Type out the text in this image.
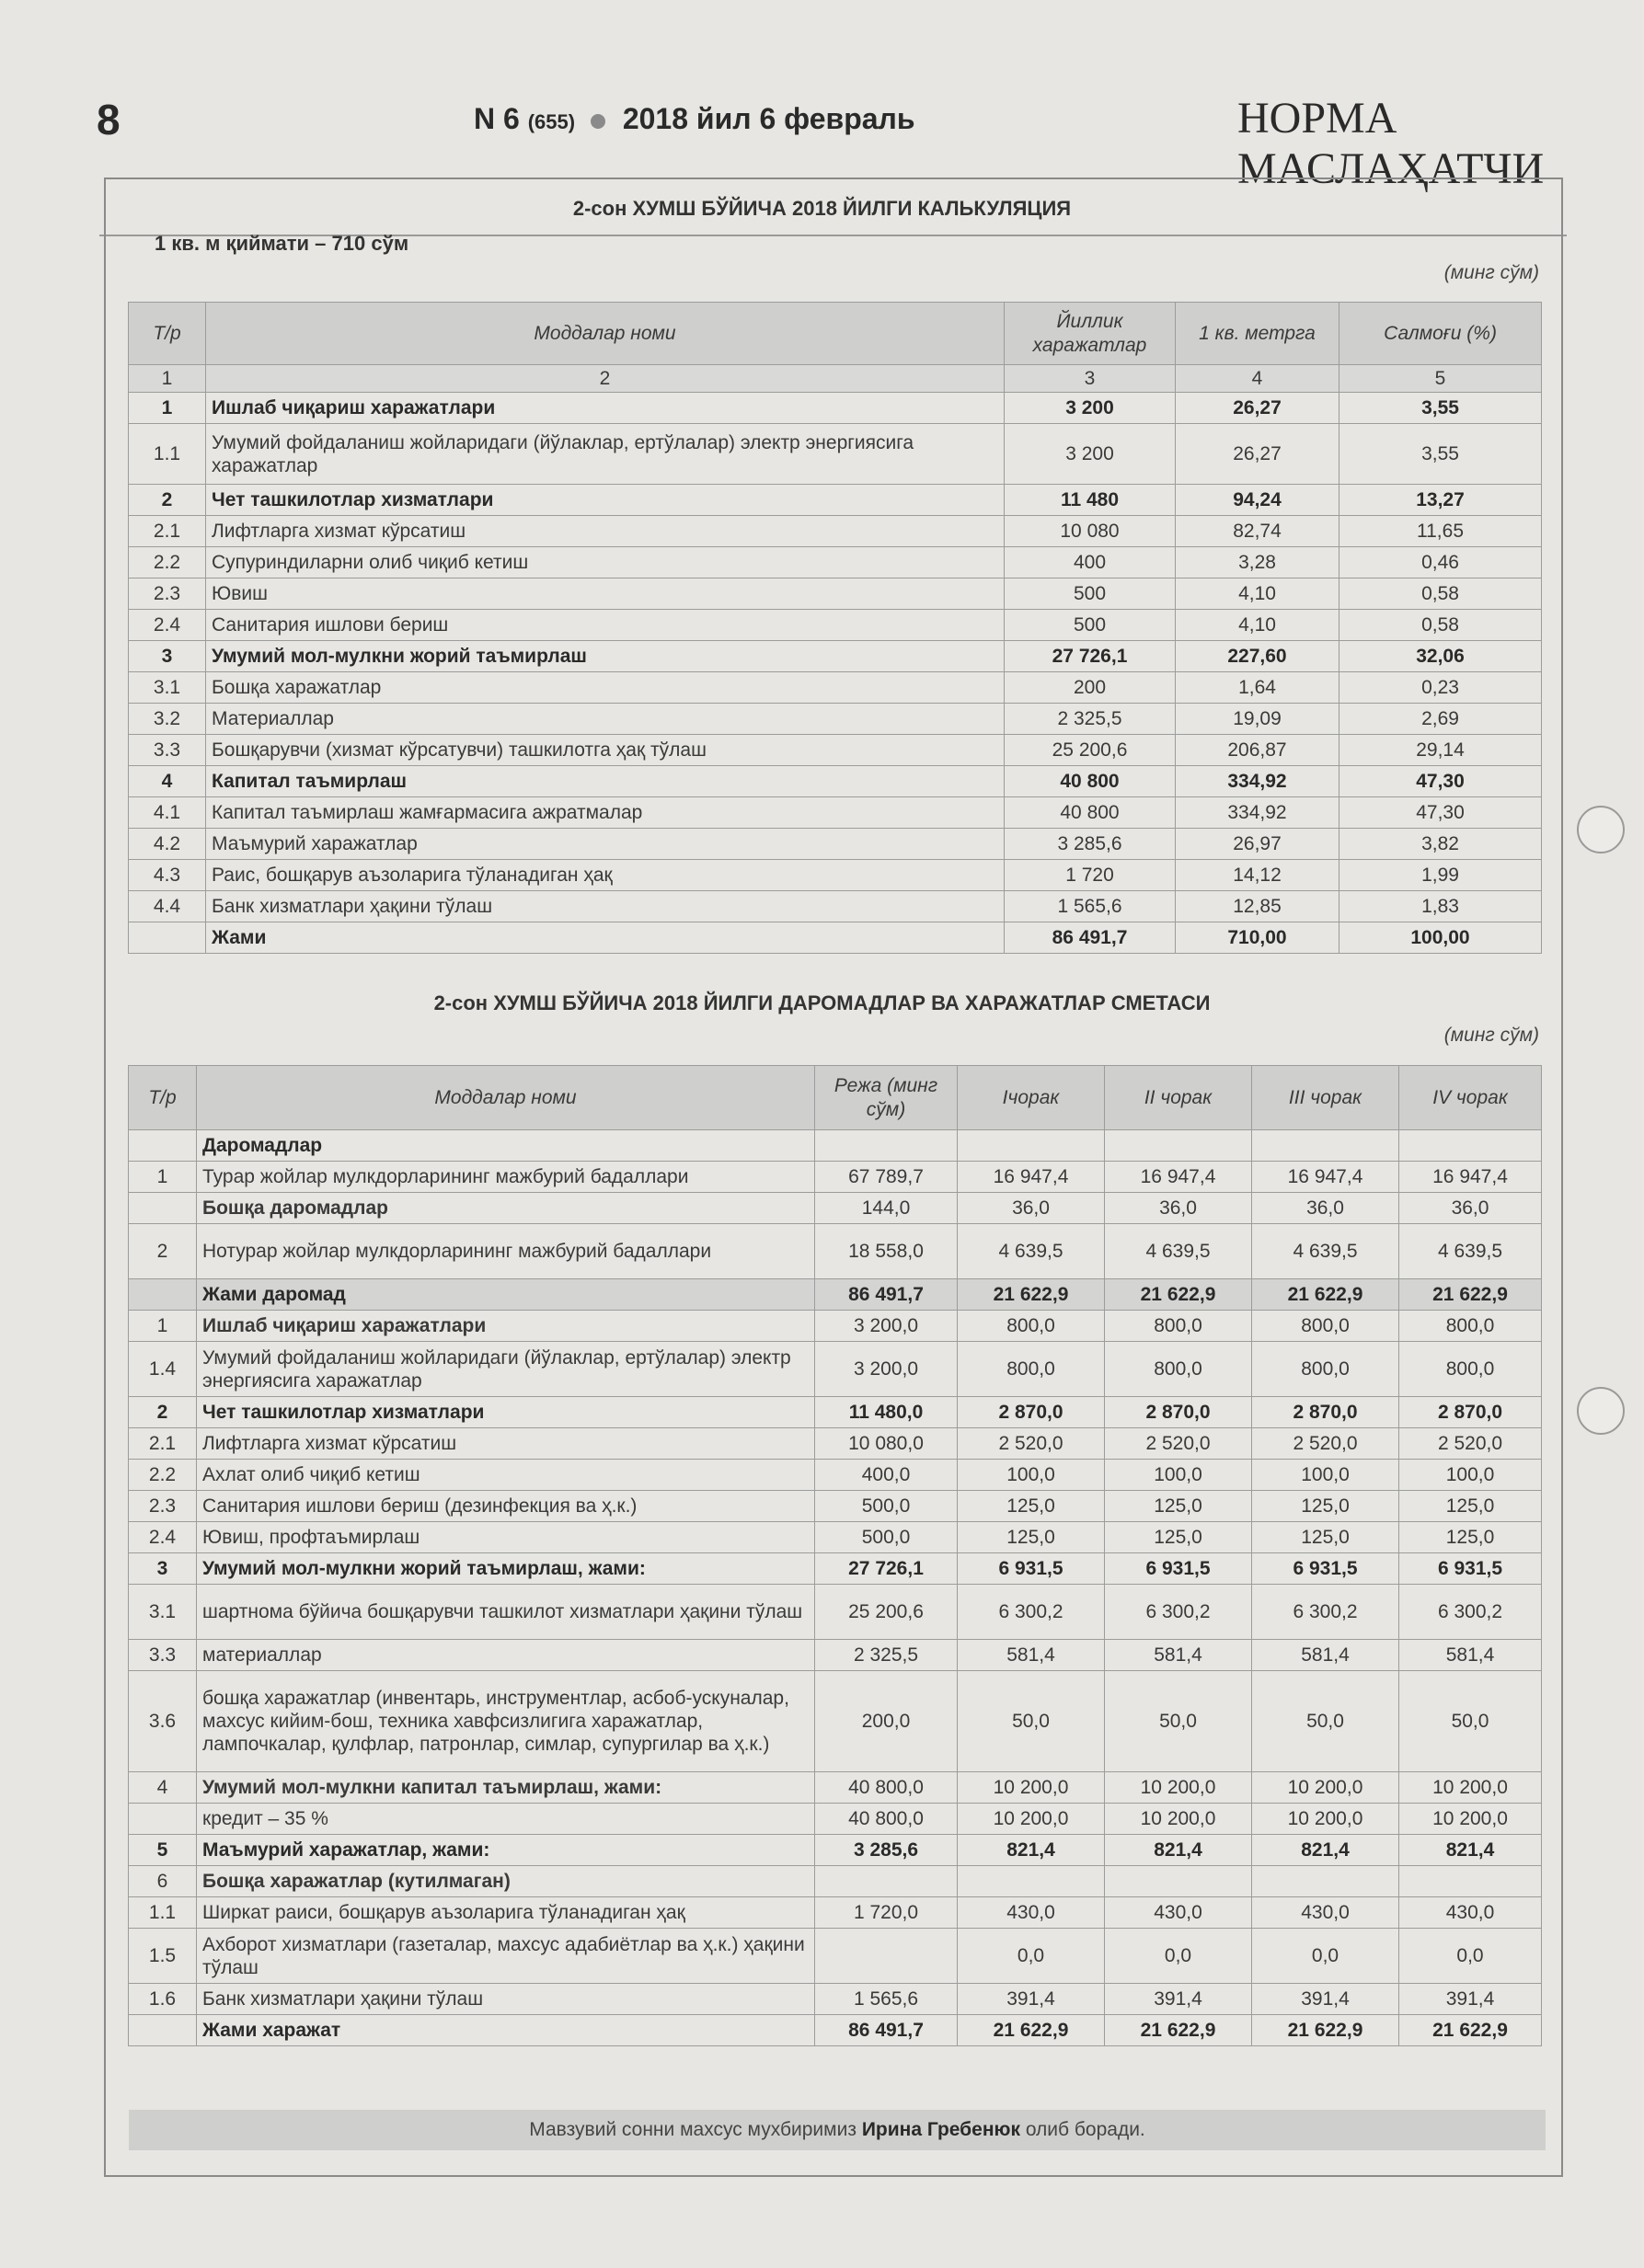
8	N 6 (655) 2018 йил 6 февраль	НОРМА МАСЛАҲАТЧИ
2-сон ХУМШ БЎЙИЧА 2018 ЙИЛГИ КАЛЬКУЛЯЦИЯ
1 кв. м қиймати – 710 сўм
(минг сўм)
Т/р	Моддалар номи	Йиллик харажатлар	1 кв. метрга	Салмоғи (%)
1	2	3	4	5
1	Ишлаб чиқариш харажатлари	3 200	26,27	3,55
1.1	Умумий фойдаланиш жойларидаги (йўлаклар, ертўлалар) электр энергиясига харажатлар	3 200	26,27	3,55
2	Чет ташкилотлар хизматлари	11 480	94,24	13,27
2.1	Лифтларга хизмат кўрсатиш	10 080	82,74	11,65
2.2	Супуриндиларни олиб чиқиб кетиш	400	3,28	0,46
2.3	Ювиш	500	4,10	0,58
2.4	Санитария ишлови бериш	500	4,10	0,58
3	Умумий мол-мулкни жорий таъмирлаш	27 726,1	227,60	32,06
3.1	Бошқа харажатлар	200	1,64	0,23
3.2	Материаллар	2 325,5	19,09	2,69
3.3	Бошқарувчи (хизмат кўрсатувчи) ташкилотга ҳақ тўлаш	25 200,6	206,87	29,14
4	Капитал таъмирлаш	40 800	334,92	47,30
4.1	Капитал таъмирлаш жамғармасига ажратмалар	40 800	334,92	47,30
4.2	Маъмурий харажатлар	3 285,6	26,97	3,82
4.3	Раис, бошқарув аъзоларига тўланадиган ҳақ	1 720	14,12	1,99
4.4	Банк хизматлари ҳақини тўлаш	1 565,6	12,85	1,83
	Жами	86 491,7	710,00	100,00
2-сон ХУМШ БЎЙИЧА 2018 ЙИЛГИ ДАРОМАДЛАР ВА ХАРАЖАТЛАР СМЕТАСИ
(минг сўм)
Т/р	Моддалар номи	Режа (минг сўм)	Iчорак	II чорак	III чорак	IV чорак
	Даромадлар					
1	Турар жойлар мулкдорларининг мажбурий бадаллари	67 789,7	16 947,4	16 947,4	16 947,4	16 947,4
	Бошқа даромадлар	144,0	36,0	36,0	36,0	36,0
2	Нотурар жойлар мулкдорларининг мажбурий бадаллари	18 558,0	4 639,5	4 639,5	4 639,5	4 639,5
	Жами даромад	86 491,7	21 622,9	21 622,9	21 622,9	21 622,9
1	Ишлаб чиқариш харажатлари	3 200,0	800,0	800,0	800,0	800,0
1.4	Умумий фойдаланиш жойларидаги (йўлаклар, ертўлалар) электр энергиясига харажатлар	3 200,0	800,0	800,0	800,0	800,0
2	Чет ташкилотлар хизматлари	11 480,0	2 870,0	2 870,0	2 870,0	2 870,0
2.1	Лифтларга хизмат кўрсатиш	10 080,0	2 520,0	2 520,0	2 520,0	2 520,0
2.2	Ахлат олиб чиқиб кетиш	400,0	100,0	100,0	100,0	100,0
2.3	Санитария ишлови бериш (дезинфекция ва ҳ.к.)	500,0	125,0	125,0	125,0	125,0
2.4	Ювиш, профтаъмирлаш	500,0	125,0	125,0	125,0	125,0
3	Умумий мол-мулкни жорий таъмирлаш, жами:	27 726,1	6 931,5	6 931,5	6 931,5	6 931,5
3.1	шартнома бўйича бошқарувчи ташкилот хизматлари ҳақини тўлаш	25 200,6	6 300,2	6 300,2	6 300,2	6 300,2
3.3	материаллар	2 325,5	581,4	581,4	581,4	581,4
3.6	бошқа харажатлар (инвентарь, инструментлар, асбоб-ускуналар, махсус кийим-бош, техника хавфсизлигига харажатлар, лампочкалар, қулфлар, патронлар, симлар, супургилар ва ҳ.к.)	200,0	50,0	50,0	50,0	50,0
4	Умумий мол-мулкни капитал таъмирлаш, жами:	40 800,0	10 200,0	10 200,0	10 200,0	10 200,0
	кредит – 35 %	40 800,0	10 200,0	10 200,0	10 200,0	10 200,0
5	Маъмурий харажатлар, жами:	3 285,6	821,4	821,4	821,4	821,4
6	Бошқа харажатлар (кутилмаган)					
1.1	Ширкат раиси, бошқарув аъзоларига тўланадиган ҳақ	1 720,0	430,0	430,0	430,0	430,0
1.5	Ахборот хизматлари (газеталар, махсус адабиётлар ва ҳ.к.) ҳақини тўлаш		0,0	0,0	0,0	0,0
1.6	Банк хизматлари ҳақини тўлаш	1 565,6	391,4	391,4	391,4	391,4
	Жами харажат	86 491,7	21 622,9	21 622,9	21 622,9	21 622,9
Мавзувий сонни махсус мухбиримиз Ирина Гребенюк олиб боради.
